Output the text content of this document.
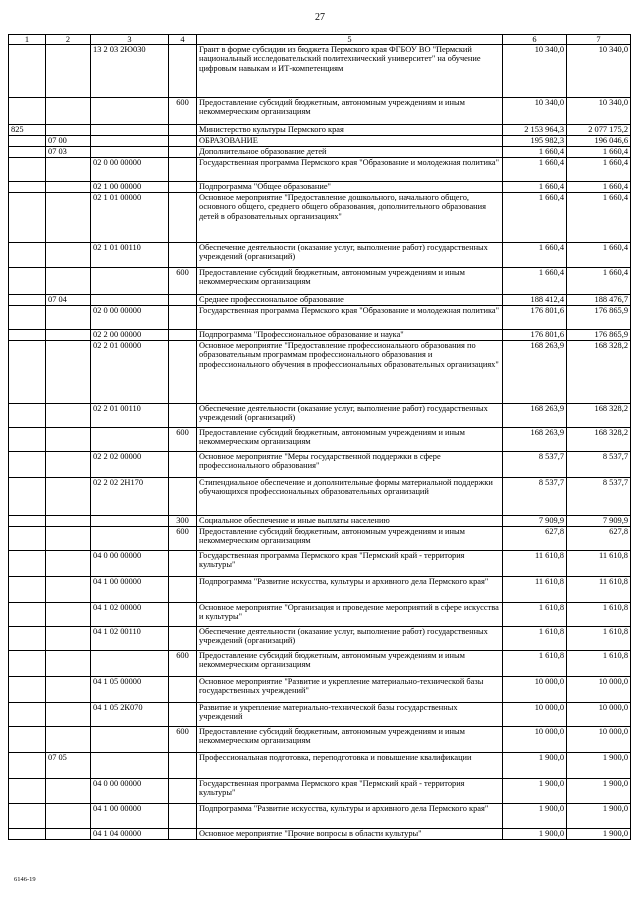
27
1	2	3	4	5	6	7
		13 2 03 2Ю030		Грант в форме субсидии из бюджета Пермского края ФГБОУ ВО "Пермский национальный исследовательский политехнический университет" на обучение цифровым навыкам и ИТ-компетенциям	10 340,0	10 340,0
			600	Предоставление субсидий бюджетным, автономным учреждениям и иным некоммерческим организациям	10 340,0	10 340,0
825				Министерство культуры Пермского края	2 153 964,3	2 077 175,2
	07 00			ОБРАЗОВАНИЕ	195 982,3	196 046,6
	07 03			Дополнительное образование детей	1 660,4	1 660,4
		02 0 00 00000		Государственная программа Пермского края "Образование и молодежная политика"	1 660,4	1 660,4
		02 1 00 00000		Подпрограмма "Общее образование"	1 660,4	1 660,4
		02 1 01 00000		Основное мероприятие "Предоставление дошкольного, начального общего, основного общего, среднего общего образования, дополнительного образования детей в образовательных организациях"	1 660,4	1 660,4
		02 1 01 00110		Обеспечение деятельности (оказание услуг, выполнение работ) государственных учреждений (организаций)	1 660,4	1 660,4
			600	Предоставление субсидий бюджетным, автономным учреждениям и иным некоммерческим организациям	1 660,4	1 660,4
	07 04			Среднее профессиональное образование	188 412,4	188 476,7
		02 0 00 00000		Государственная программа Пермского края "Образование и молодежная политика"	176 801,6	176 865,9
		02 2 00 00000		Подпрограмма "Профессиональное образование и наука"	176 801,6	176 865,9
		02 2 01 00000		Основное мероприятие "Предоставление профессионального образования по образовательным программам профессионального образования и профессионального обучения в профессиональных образовательных организациях"	168 263,9	168 328,2
		02 2 01 00110		Обеспечение деятельности (оказание услуг, выполнение работ) государственных учреждений (организаций)	168 263,9	168 328,2
			600	Предоставление субсидий бюджетным, автономным учреждениям и иным некоммерческим организациям	168 263,9	168 328,2
		02 2 02 00000		Основное мероприятие "Меры государственной поддержки в сфере профессионального образования"	8 537,7	8 537,7
		02 2 02 2Н170		Стипендиальное обеспечение и дополнительные формы материальной поддержки обучающихся профессиональных образовательных организаций	8 537,7	8 537,7
			300	Социальное обеспечение и иные выплаты населению	7 909,9	7 909,9
			600	Предоставление субсидий бюджетным, автономным учреждениям и иным некоммерческим организациям	627,8	627,8
		04 0 00 00000		Государственная программа Пермского края "Пермский край - территория культуры"	11 610,8	11 610,8
		04 1 00 00000		Подпрограмма "Развитие искусства, культуры и архивного дела Пермского края"	11 610,8	11 610,8
		04 1 02 00000		Основное мероприятие "Организация и проведение мероприятий в сфере искусства и культуры"	1 610,8	1 610,8
		04 1 02 00110		Обеспечение деятельности (оказание услуг, выполнение работ) государственных учреждений (организаций)	1 610,8	1 610,8
			600	Предоставление субсидий бюджетным, автономным учреждениям и иным некоммерческим организациям	1 610,8	1 610,8
		04 1 05 00000		Основное мероприятие "Развитие и укрепление материально-технической базы государственных учреждений"	10 000,0	10 000,0
		04 1 05 2К070		Развитие и укрепление материально-технической базы государственных учреждений	10 000,0	10 000,0
			600	Предоставление субсидий бюджетным, автономным учреждениям и иным некоммерческим организациям	10 000,0	10 000,0
	07 05			Профессиональная подготовка, переподготовка и повышение квалификации	1 900,0	1 900,0
		04 0 00 00000		Государственная программа Пермского края "Пермский край - территория культуры"	1 900,0	1 900,0
		04 1 00 00000		Подпрограмма "Развитие искусства, культуры и архивного дела Пермского края"	1 900,0	1 900,0
		04 1 04 00000		Основное мероприятие "Прочие вопросы в области культуры"	1 900,0	1 900,0
6146-19
